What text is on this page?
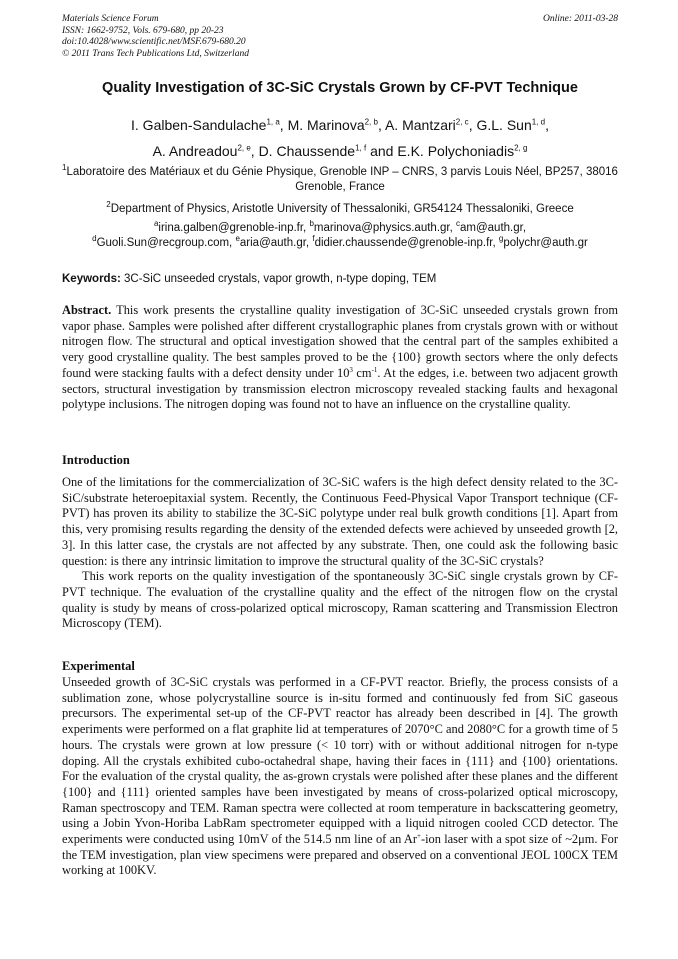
Materials Science Forum
ISSN: 1662-9752, Vols. 679-680, pp 20-23
doi:10.4028/www.scientific.net/MSF.679-680.20
© 2011 Trans Tech Publications Ltd, Switzerland
Online: 2011-03-28
Quality Investigation of 3C-SiC Crystals Grown by CF-PVT Technique
I. Galben-Sandulache$^{1, a}$, M. Marinova$^{2, b}$, A. Mantzari$^{2, c}$, G.L. Sun$^{1, d}$,
A. Andreadou$^{2, e}$, D. Chaussende$^{1, f}$ and E.K. Polychoniadis$^{2, g}$
$^1$Laboratoire des Matériaux et du Génie Physique, Grenoble INP – CNRS, 3 parvis Louis Néel, BP257, 38016 Grenoble, France
$^2$Department of Physics, Aristotle University of Thessaloniki, GR54124 Thessaloniki, Greece
$^a$irina.galben@grenoble-inp.fr, $^b$marinova@physics.auth.gr, $^c$am@auth.gr,
$^d$Guoli.Sun@recgroup.com, $^e$aria@auth.gr, $^f$didier.chaussende@grenoble-inp.fr, $^g$polychr@auth.gr
Keywords: 3C-SiC unseeded crystals, vapor growth, n-type doping, TEM
Abstract. This work presents the crystalline quality investigation of 3C-SiC unseeded crystals grown from vapor phase. Samples were polished after different crystallographic planes from crystals grown with or without nitrogen flow. The structural and optical investigation showed that the central part of the samples exhibited a very good crystalline quality. The best samples proved to be the {100} growth sectors where the only defects found were stacking faults with a defect density under $10^3$ $cm^{-1}$. At the edges, i.e. between two adjacent growth sectors, structural investigation by transmission electron microscopy revealed stacking faults and hexagonal polytype inclusions. The nitrogen doping was found not to have an influence on the crystalline quality.
Introduction

One of the limitations for the commercialization of 3C-SiC wafers is the high defect density related to the 3C-SiC/substrate heteroepitaxial system. Recently, the Continuous Feed-Physical Vapor Transport technique (CF-PVT) has proven its ability to stabilize the 3C-SiC polytype under real bulk growth conditions [1]. Apart from this, very promising results regarding the density of the extended defects were achieved by unseeded growth [2, 3]. In this latter case, the crystals are not affected by any substrate. Then, one could ask the following basic question: is there any intrinsic limitation to improve the structural quality of the 3C-SiC crystals?

This work reports on the quality investigation of the spontaneously 3C-SiC single crystals grown by CF-PVT technique. The evaluation of the crystalline quality and the effect of the nitrogen flow on the crystal quality is study by means of cross-polarized optical microscopy, Raman scattering and Transmission Electron Microscopy (TEM).

Experimental
Unseeded growth of 3C-SiC crystals was performed in a CF-PVT reactor. Briefly, the process consists of a sublimation zone, whose polycrystalline source is in-situ formed and continuously fed from SiC gaseous precursors. The experimental set-up of the CF-PVT reactor has already been described in [4]. The growth experiments were performed on a flat graphite lid at temperatures of 2070°C and 2080°C for a growth time of 5 hours. The crystals were grown at low pressure (< 10 torr) with or without additional nitrogen for n-type doping. All the crystals exhibited cubo-octahedral shape, having their faces in {111} and {100} orientations. For the evaluation of the crystal quality, the as-grown crystals were polished after these planes and the different {100} and {111} oriented samples have been investigated by means of cross-polarized optical microscopy, Raman spectroscopy and TEM. Raman spectra were collected at room temperature in backscattering geometry, using a Jobin Yvon-Horiba LabRam spectrometer equipped with a liquid nitrogen cooled CCD detector. The experiments were conducted using 10mV of the 514.5 nm line of an Ar+-ion laser with a spot size of ~2μm. For the TEM investigation, plan view specimens were prepared and observed on a conventional JEOL 100CX TEM working at 100KV.
